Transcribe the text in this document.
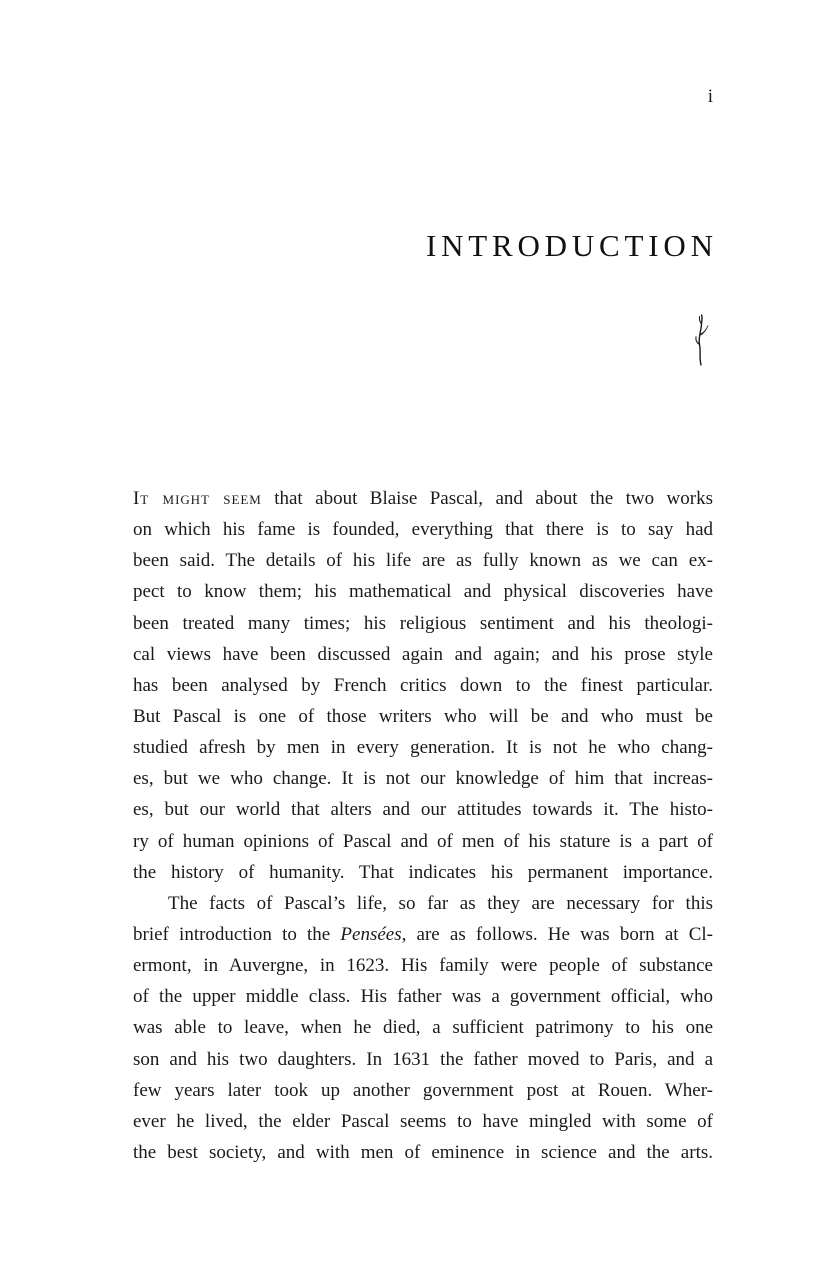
i
INTRODUCTION
It might seem that about Blaise Pascal, and about the two works
on which his fame is founded, everything that there is to say had
been said. The details of his life are as fully known as we can ex-
pect to know them; his mathematical and physical discoveries have
been treated many times; his religious sentiment and his theologi-
cal views have been discussed again and again; and his prose style
has been analysed by French critics down to the finest particular.
But Pascal is one of those writers who will be and who must be
studied afresh by men in every generation. It is not he who chang-
es, but we who change. It is not our knowledge of him that increas-
es, but our world that alters and our attitudes towards it. The histo-
ry of human opinions of Pascal and of men of his stature is a part of
the history of humanity. That indicates his permanent importance.
The facts of Pascal’s life, so far as they are necessary for this
brief introduction to the Pensées, are as follows. He was born at Cl-
ermont, in Auvergne, in 1623. His family were people of substance
of the upper middle class. His father was a government official, who
was able to leave, when he died, a sufficient patrimony to his one
son and his two daughters. In 1631 the father moved to Paris, and a
few years later took up another government post at Rouen. Wher-
ever he lived, the elder Pascal seems to have mingled with some of
the best society, and with men of eminence in science and the arts.
